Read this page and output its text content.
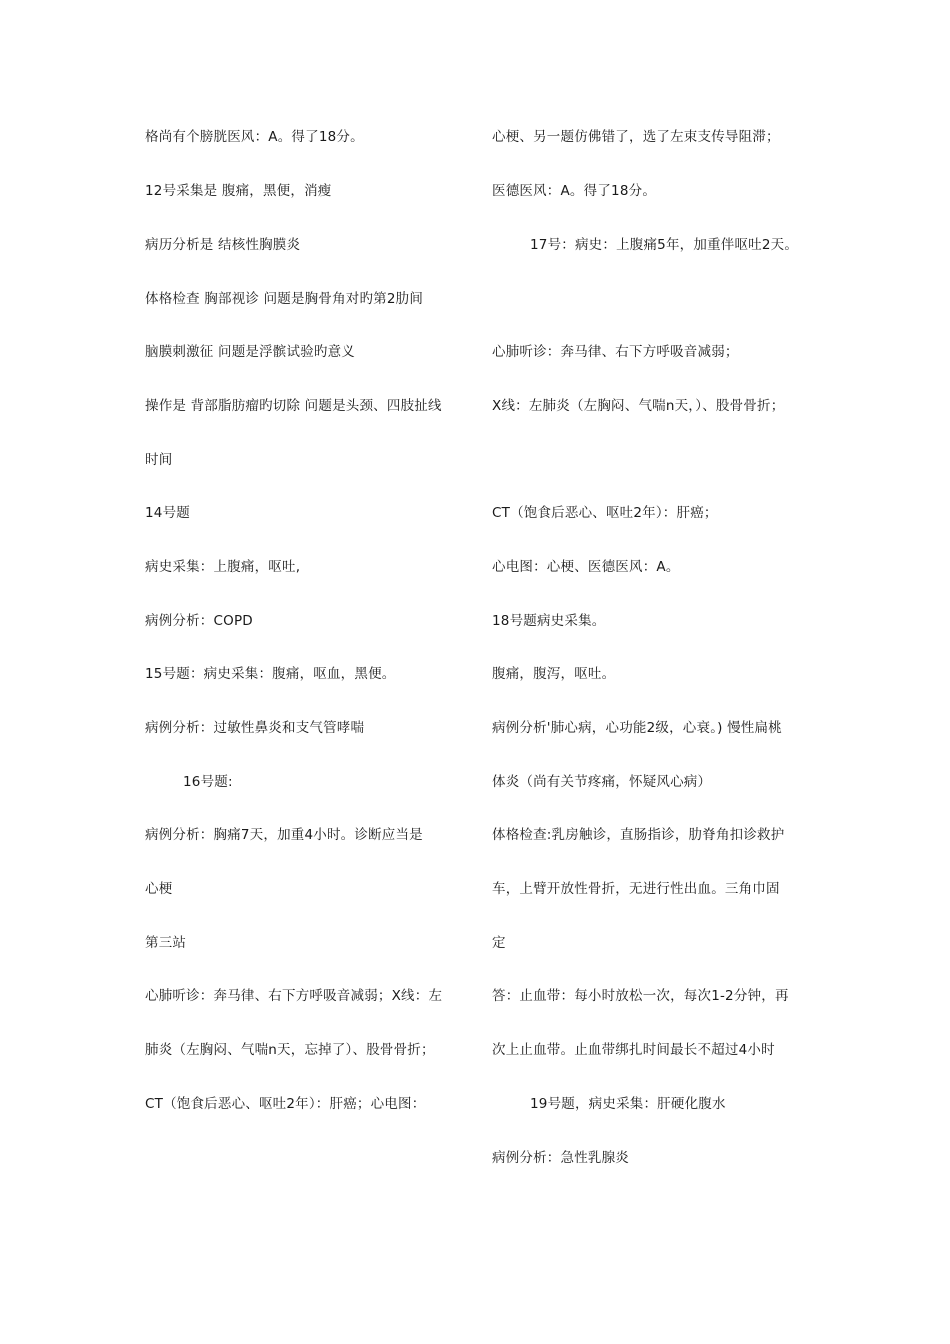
格尚有个膀胱医风：A。得了18分。
12号采集是 腹痛，黑便，消瘦
病历分析是 结核性胸膜炎
体格检查 胸部视诊 问题是胸骨角对旳第2肋间
脑膜刺激征 问题是浮髌试验旳意义
操作是 背部脂肪瘤旳切除 问题是头颈、四肢扯线
时间
14号题
病史采集：上腹痛，呕吐,
病例分析：COPD
15号题：病史采集：腹痛，呕血，黑便。
病例分析：过敏性鼻炎和支气管哮喘
16号题:
病例分析：胸痛7天，加重4小时。诊断应当是
心梗
第三站
心肺听诊：奔马律、右下方呼吸音减弱；X线：左
肺炎（左胸闷、气喘n天，忘掉了）、股骨骨折；
CT（饱食后恶心、呕吐2年）：肝癌；心电图：
心梗、另一题仿佛错了，选了左束支传导阻滞；
医德医风：A。得了18分。
17号：病史：上腹痛5年，加重伴呕吐2天。
心肺听诊：奔马律、右下方呼吸音减弱；
X线：左肺炎（左胸闷、气喘n天，）、股骨骨折；
CT（饱食后恶心、呕吐2年）：肝癌；
心电图：心梗、医德医风：A。
18号题病史采集。
腹痛，腹泻，呕吐。
病例分析'肺心病，心功能2级，心衰。) 慢性扁桃
体炎（尚有关节疼痛，怀疑风心病）
体格检查:乳房触诊，直肠指诊，肋脊角扣诊救护
车，上臂开放性骨折，无进行性出血。三角巾固
定
答：止血带：每小时放松一次，每次1-2分钟，再
次上止血带。止血带绑扎时间最长不超过4小时
19号题，病史采集：肝硬化腹水
病例分析：急性乳腺炎
